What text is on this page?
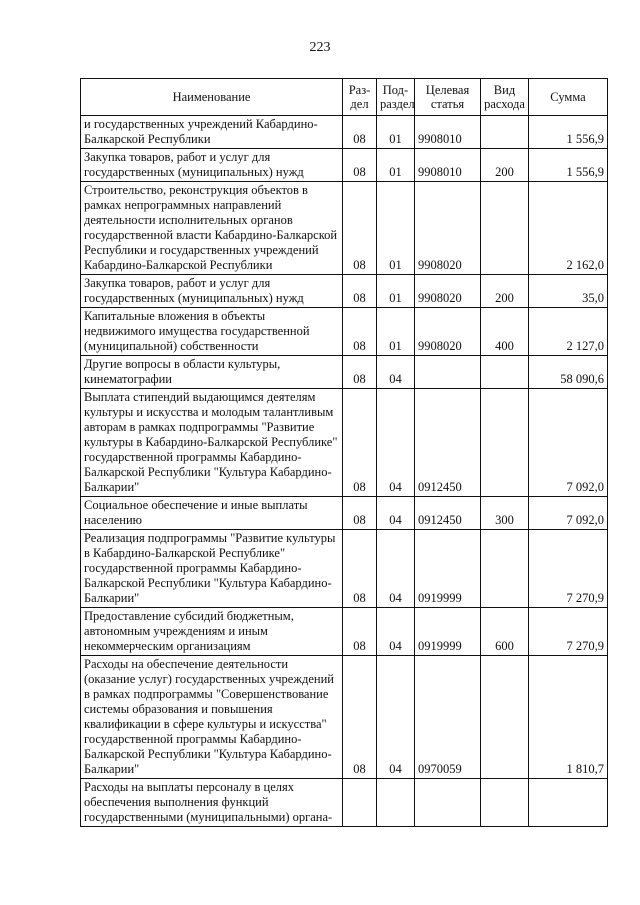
223
Наименование	Раз-дел	Под-раздел	Целевая статья	Вид расхода	Сумма
и государственных учреждений Кабардино-Балкарской Республики	08	01	9908010		1 556,9
Закупка товаров, работ и услуг для государственных (муниципальных) нужд	08	01	9908010	200	1 556,9
Строительство, реконструкция объектов в рамках непрограммных направлений деятельности исполнительных органов государственной власти Кабардино-Балкарской Республики и государственных учреждений Кабардино-Балкарской Республики	08	01	9908020		2 162,0
Закупка товаров, работ и услуг для государственных (муниципальных) нужд	08	01	9908020	200	35,0
Капитальные вложения в объекты недвижимого имущества государственной (муниципальной) собственности	08	01	9908020	400	2 127,0
Другие вопросы в области культуры, кинематографии	08	04			58 090,6
Выплата стипендий выдающимся деятелям культуры и искусства и молодым талантливым авторам в рамках подпрограммы "Развитие культуры в Кабардино-Балкарской Республике" государственной программы Кабардино-Балкарской Республики "Культура Кабардино-Балкарии"	08	04	0912450		7 092,0
Социальное обеспечение и иные выплаты населению	08	04	0912450	300	7 092,0
Реализация подпрограммы "Развитие культуры в Кабардино-Балкарской Республике" государственной программы Кабардино-Балкарской Республики "Культура Кабардино-Балкарии"	08	04	0919999		7 270,9
Предоставление субсидий бюджетным, автономным учреждениям и иным некоммерческим организациям	08	04	0919999	600	7 270,9
Расходы на обеспечение деятельности (оказание услуг) государственных учреждений в рамках подпрограммы "Совершенствование системы образования и повышения квалификации в сфере культуры и искусства" государственной программы Кабардино-Балкарской Республики "Культура Кабардино-Балкарии"	08	04	0970059		1 810,7
Расходы на выплаты персоналу в целях обеспечения выполнения функций государственными (муниципальными) органа-					
